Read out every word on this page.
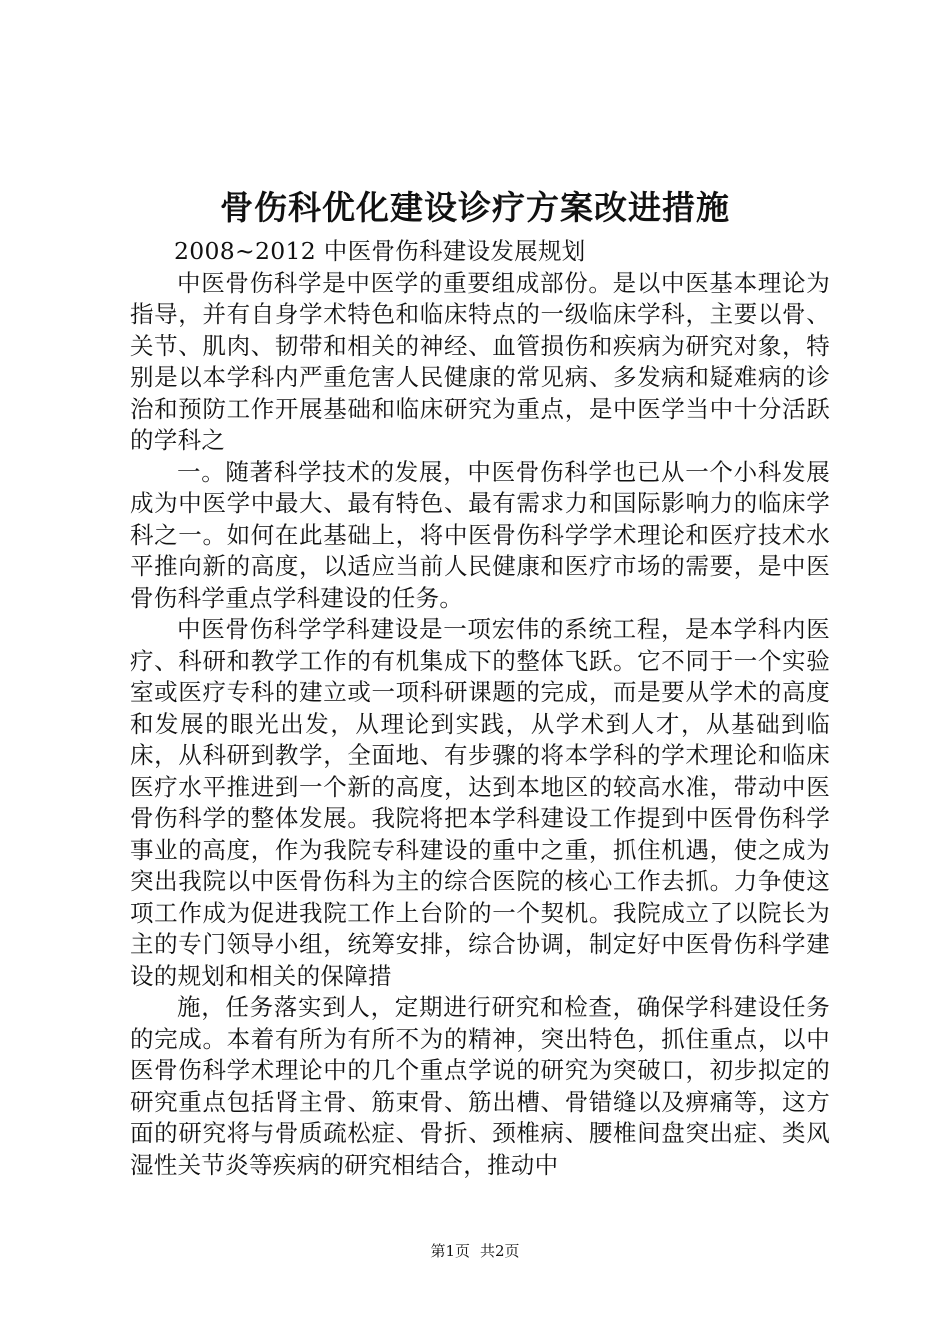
骨伤科优化建设诊疗方案改进措施

2008~2012 中医骨伤科建设发展规划

中医骨伤科学是中医学的重要组成部份。是以中医基本理论为指导，并有自身学术特色和临床特点的一级临床学科，主要以骨、关节、肌肉、韧带和相关的神经、血管损伤和疾病为研究对象，特别是以本学科内严重危害人民健康的常见病、多发病和疑难病的诊治和预防工作开展基础和临床研究为重点，是中医学当中十分活跃的学科之

一。随著科学技术的发展，中医骨伤科学也已从一个小科发展成为中医学中最大、最有特色、最有需求力和国际影响力的临床学科之一。如何在此基础上，将中医骨伤科学学术理论和医疗技术水平推向新的高度，以适应当前人民健康和医疗市场的需要，是中医骨伤科学重点学科建设的任务。

中医骨伤科学学科建设是一项宏伟的系统工程，是本学科内医疗、科研和教学工作的有机集成下的整体飞跃。它不同于一个实验室或医疗专科的建立或一项科研课题的完成，而是要从学术的高度和发展的眼光出发，从理论到实践，从学术到人才，从基础到临床，从科研到教学，全面地、有步骤的将本学科的学术理论和临床医疗水平推进到一个新的高度，达到本地区的较高水准，带动中医骨伤科学的整体发展。我院将把本学科建设工作提到中医骨伤科学事业的高度，作为我院专科建设的重中之重，抓住机遇，使之成为突出我院以中医骨伤科为主的综合医院的核心工作去抓。力争使这项工作成为促进我院工作上台阶的一个契机。我院成立了以院长为主的专门领导小组，统筹安排，综合协调，制定好中医骨伤科学建设的规划和相关的保障措

施，任务落实到人，定期进行研究和检查，确保学科建设任务的完成。本着有所为有所不为的精神，突出特色，抓住重点，以中医骨伤科学术理论中的几个重点学说的研究为突破口，初步拟定的研究重点包括肾主骨、筋束骨、筋出槽、骨错缝以及痹痛等，这方面的研究将与骨质疏松症、骨折、颈椎病、腰椎间盘突出症、类风湿性关节炎等疾病的研究相结合，推动中

第1页 共2页
